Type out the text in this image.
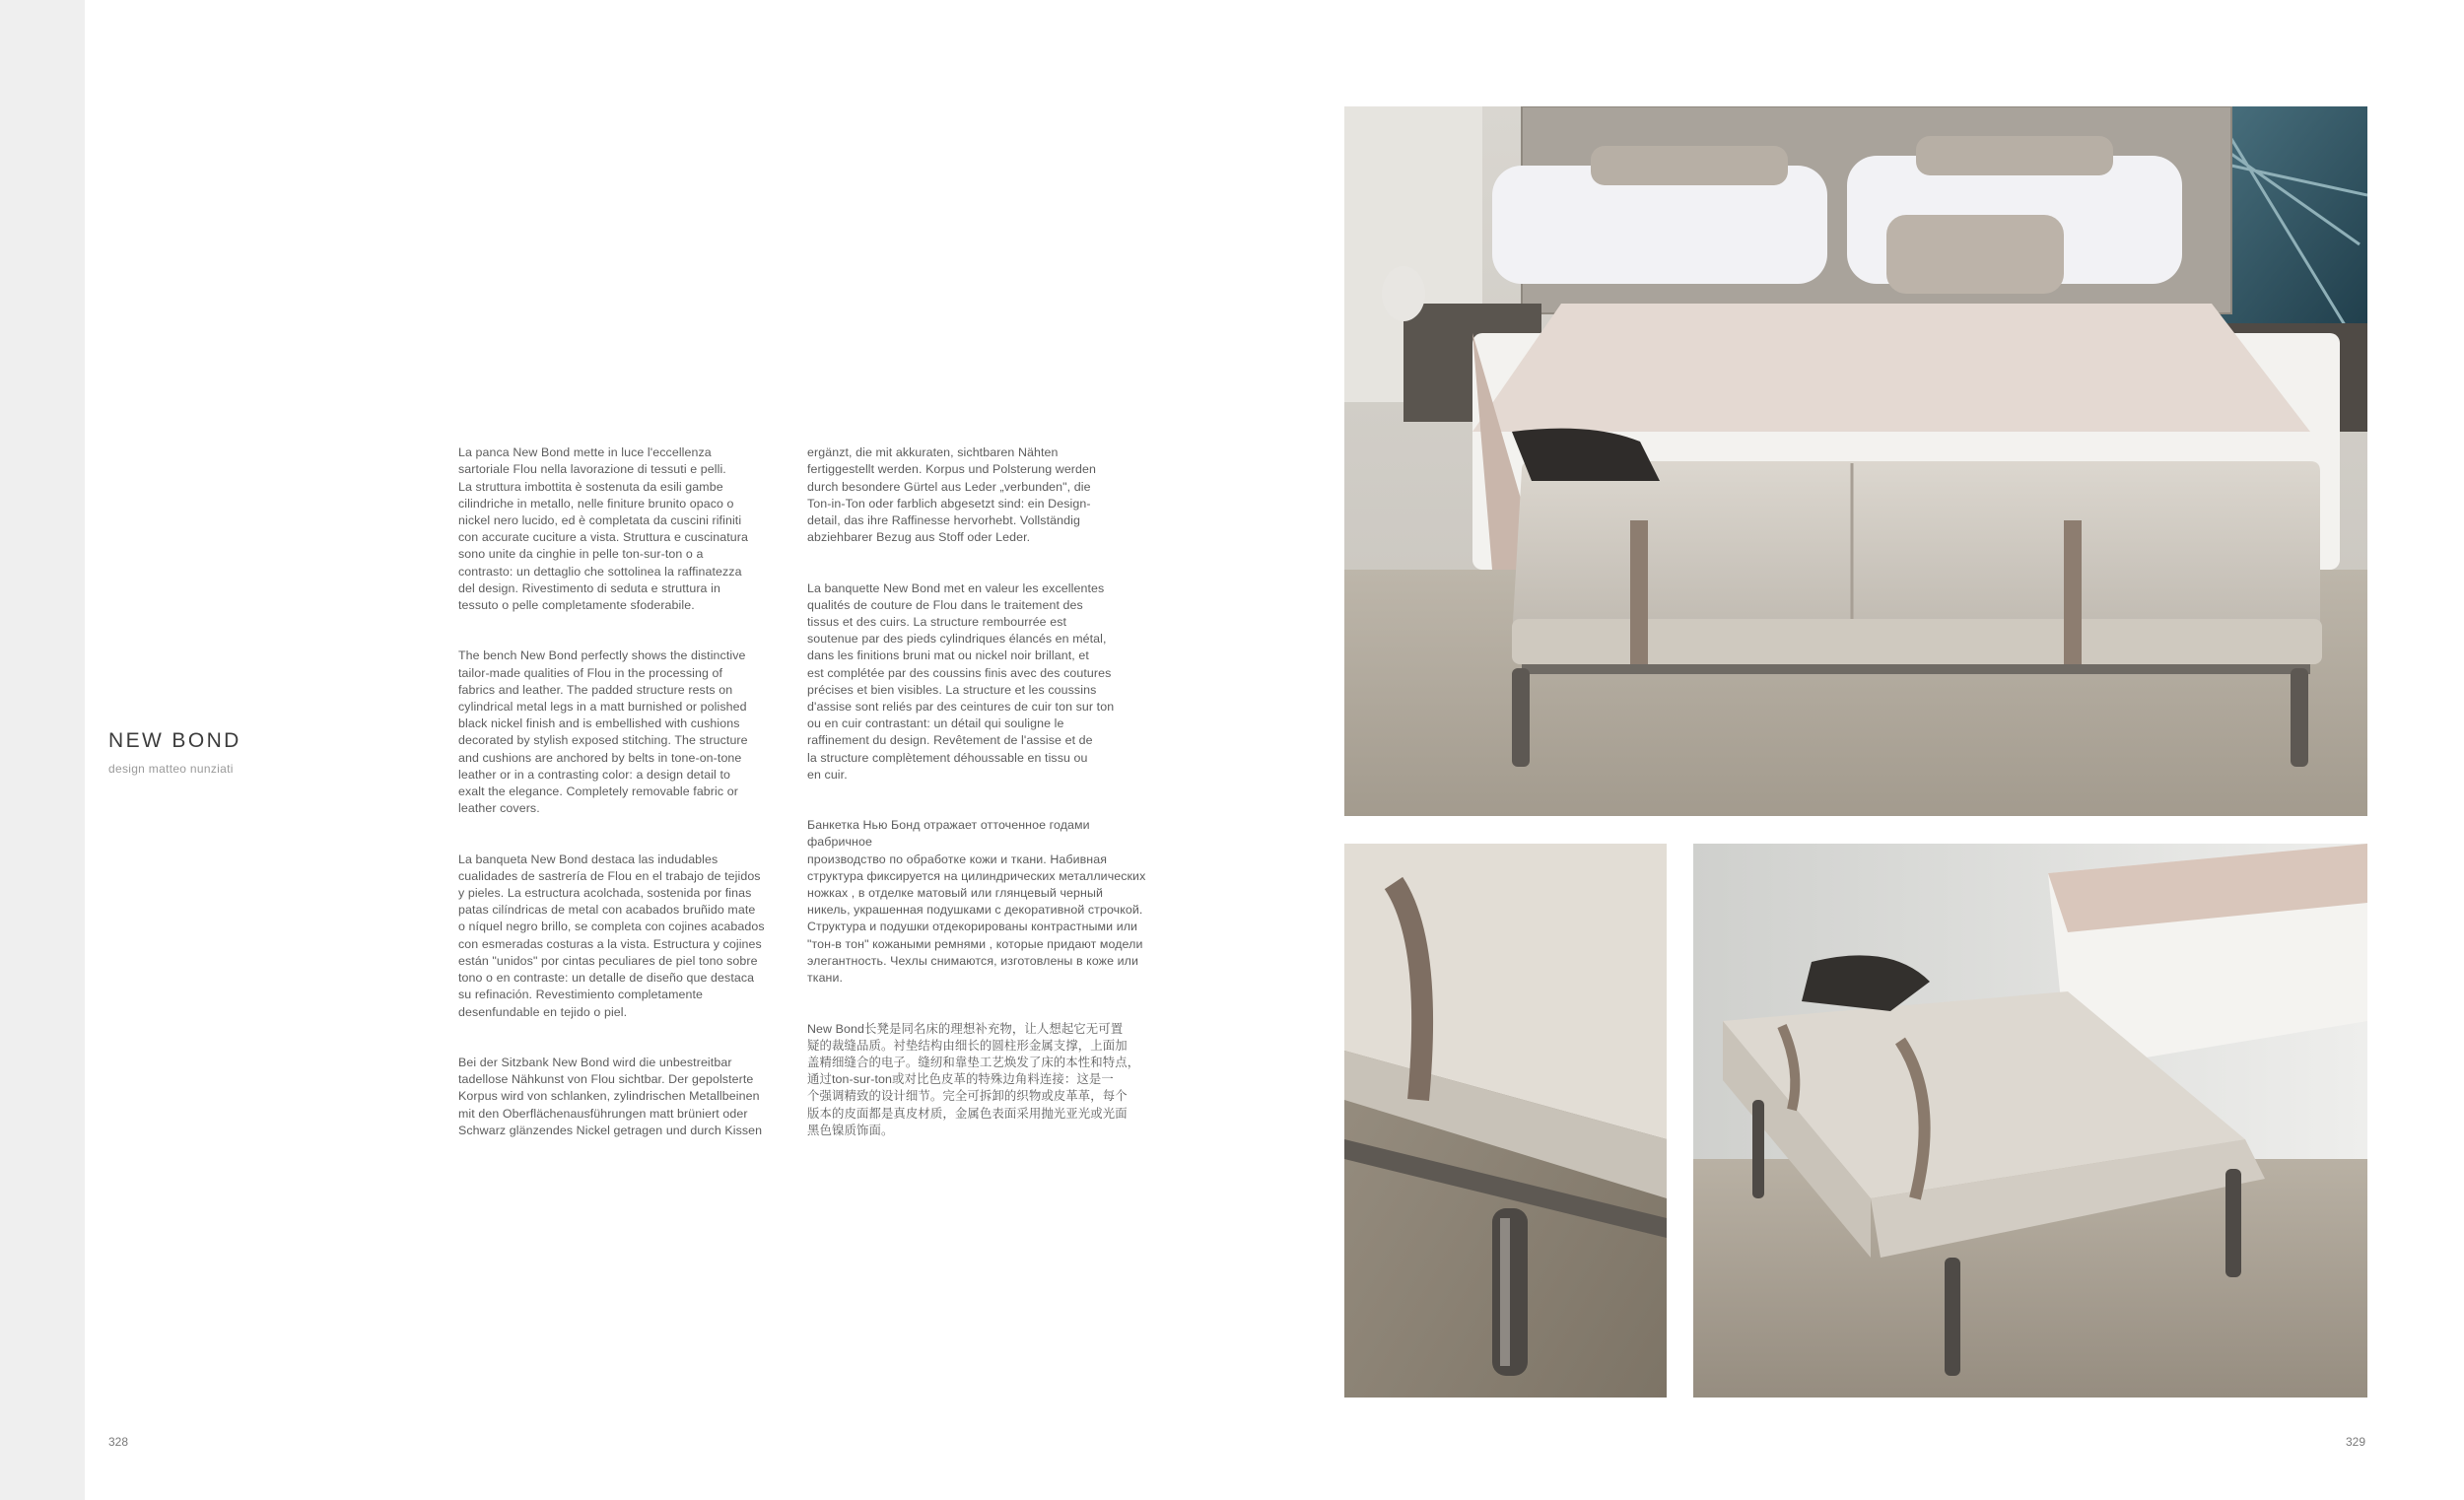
NEW BOND
design matteo nunziati

La panca New Bond mette in luce l'eccellenza
sartoriale Flou nella lavorazione di tessuti e pelli.
La struttura imbottita è sostenuta da esili gambe
cilindriche in metallo, nelle finiture brunito opaco o
nickel nero lucido, ed è completata da cuscini rifiniti
con accurate cuciture a vista. Struttura e cuscinatura
sono unite da cinghie in pelle ton-sur-ton o a
contrasto: un dettaglio che sottolinea la raffinatezza
del design. Rivestimento di seduta e struttura in
tessuto o pelle completamente sfoderabile.

The bench New Bond perfectly shows the distinctive
tailor-made qualities of Flou in the processing of
fabrics and leather. The padded structure rests on
cylindrical metal legs in a matt burnished or polished
black nickel finish and is embellished with cushions
decorated by stylish exposed stitching. The structure
and cushions are anchored by belts in tone-on-tone
leather or in a contrasting color: a design detail to
exalt the elegance. Completely removable fabric or
leather covers.

La banqueta New Bond destaca las indudables
cualidades de sastrería de Flou en el trabajo de tejidos
y pieles. La estructura acolchada, sostenida por finas
patas cilíndricas de metal con acabados bruñido mate
o níquel negro brillo, se completa con cojines acabados
con esmeradas costuras a la vista. Estructura y cojines
están "unidos" por cintas peculiares de piel tono sobre
tono o en contraste: un detalle de diseño que destaca
su refinación. Revestimiento completamente
desenfundable en tejido o piel.

Bei der Sitzbank New Bond wird die unbestreitbar
tadellose Nähkunst von Flou sichtbar. Der gepolsterte
Korpus wird von schlanken, zylindrischen Metallbeinen
mit den Oberflächenausführungen matt brüniert oder
Schwarz glänzendes Nickel getragen und durch Kissen

ergänzt, die mit akkuraten, sichtbaren Nähten
fertiggestellt werden. Korpus und Polsterung werden
durch besondere Gürtel aus Leder „verbunden", die
Ton-in-Ton oder farblich abgesetzt sind: ein Design-
detail, das ihre Raffinesse hervorhebt. Vollständig
abziehbarer Bezug aus Stoff oder Leder.

La banquette New Bond met en valeur les excellentes
qualités de couture de Flou dans le traitement des
tissus et des cuirs. La structure rembourrée est
soutenue par des pieds cylindriques élancés en métal,
dans les finitions bruni mat ou nickel noir brillant, et
est complétée par des coussins finis avec des coutures
précises et bien visibles. La structure et les coussins
d'assise sont reliés par des ceintures de cuir ton sur ton
ou en cuir contrastant: un détail qui souligne le
raffinement du design. Revêtement de l'assise et de
la structure complètement déhoussable en tissu ou
en cuir.

Банкетка Нью Бонд отражает отточенное годами фабричное
производство по обработке кожи и ткани. Набивная
структура фиксируется на цилиндрических металлических
ножках , в отделке матовый или глянцевый черный
никель, украшенная подушками с декоративной строчкой.
Структура и подушки отдекорированы контрастными или
"тон-в тон" кожаными ремнями , которые придают модели
элегантность. Чехлы снимаются, изготовлены в коже или
ткани.

New Bond长凳是同名床的理想补充物，让人想起它无可置
疑的裁缝品质。衬垫结构由细长的圆柱形金属支撑，上面加
盖精细缝合的电子。缝纫和靠垫工艺焕发了床的本性和特点，
通过ton-sur-ton或对比色皮革的特殊边角料连接：这是一
个强调精致的设计细节。完全可拆卸的织物或皮革革，每个
版本的皮面都是真皮材质，金属色表面采用抛光亚光或光面
黑色镍质饰面。

328	329
